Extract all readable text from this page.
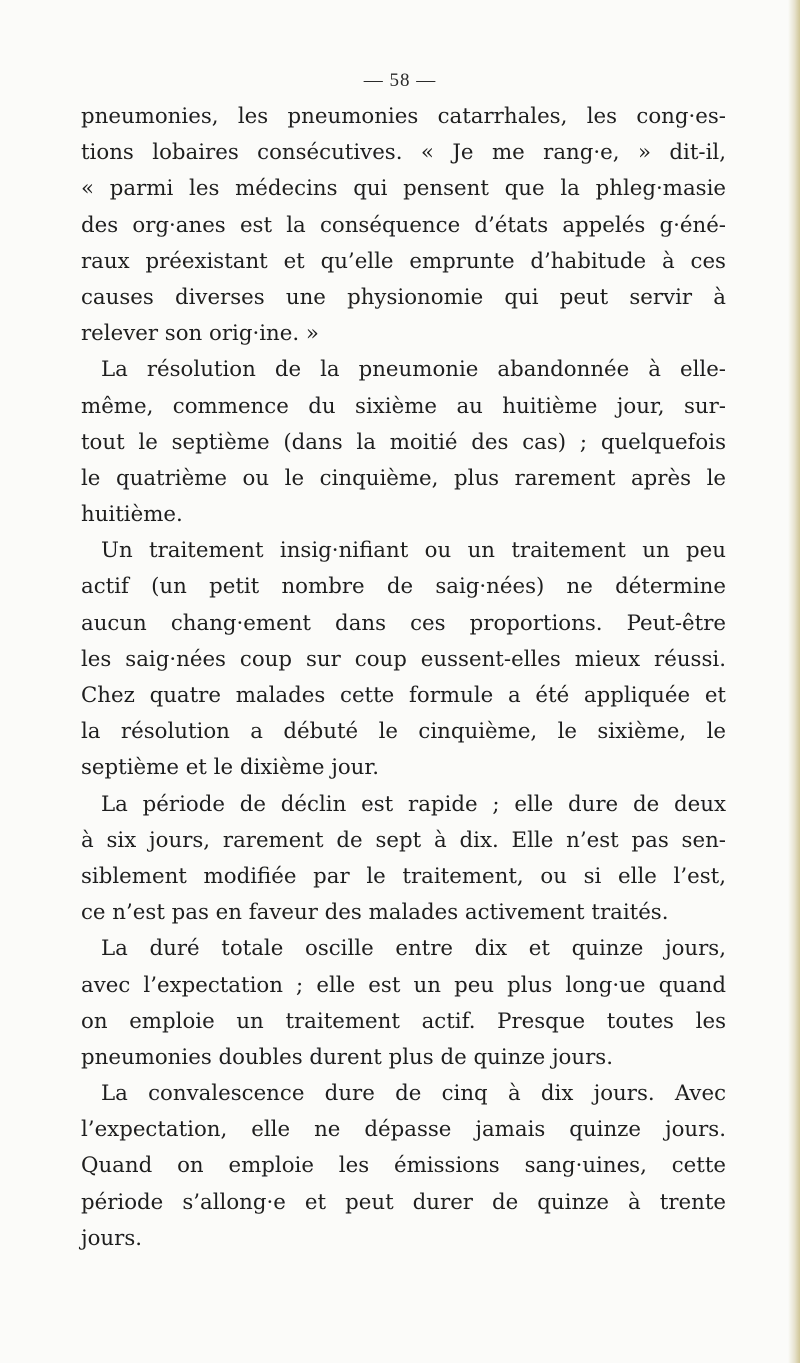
— 58 —
pneumonies, les pneumonies catarrhales, les cong·es-
tions lobaires consécutives. « Je me rang·e, » dit-il,
« parmi les médecins qui pensent que la phleg·masie
des org·anes est la conséquence d’états appelés g·éné-
raux préexistant et qu’elle emprunte d’habitude à ces
causes diverses une physionomie qui peut servir à
relever son orig·ine. »
La résolution de la pneumonie abandonnée à elle-
même, commence du sixième au huitième jour, sur-
tout le septième (dans la moitié des cas) ; quelquefois
le quatrième ou le cinquième, plus rarement après le
huitième.
Un traitement insig·nifiant ou un traitement un peu
actif (un petit nombre de saig·nées) ne détermine
aucun chang·ement dans ces proportions. Peut-être
les saig·nées coup sur coup eussent-elles mieux réussi.
Chez quatre malades cette formule a été appliquée et
la résolution a débuté le cinquième, le sixième, le
septième et le dixième jour.
La période de déclin est rapide ; elle dure de deux
à six jours, rarement de sept à dix. Elle n’est pas sen-
siblement modifiée par le traitement, ou si elle l’est,
ce n’est pas en faveur des malades activement traités.
La duré totale oscille entre dix et quinze jours,
avec l’expectation ; elle est un peu plus long·ue quand
on emploie un traitement actif. Presque toutes les
pneumonies doubles durent plus de quinze jours.
La convalescence dure de cinq à dix jours. Avec
l’expectation, elle ne dépasse jamais quinze jours.
Quand on emploie les émissions sang·uines, cette
période s’allong·e et peut durer de quinze à trente
jours.
